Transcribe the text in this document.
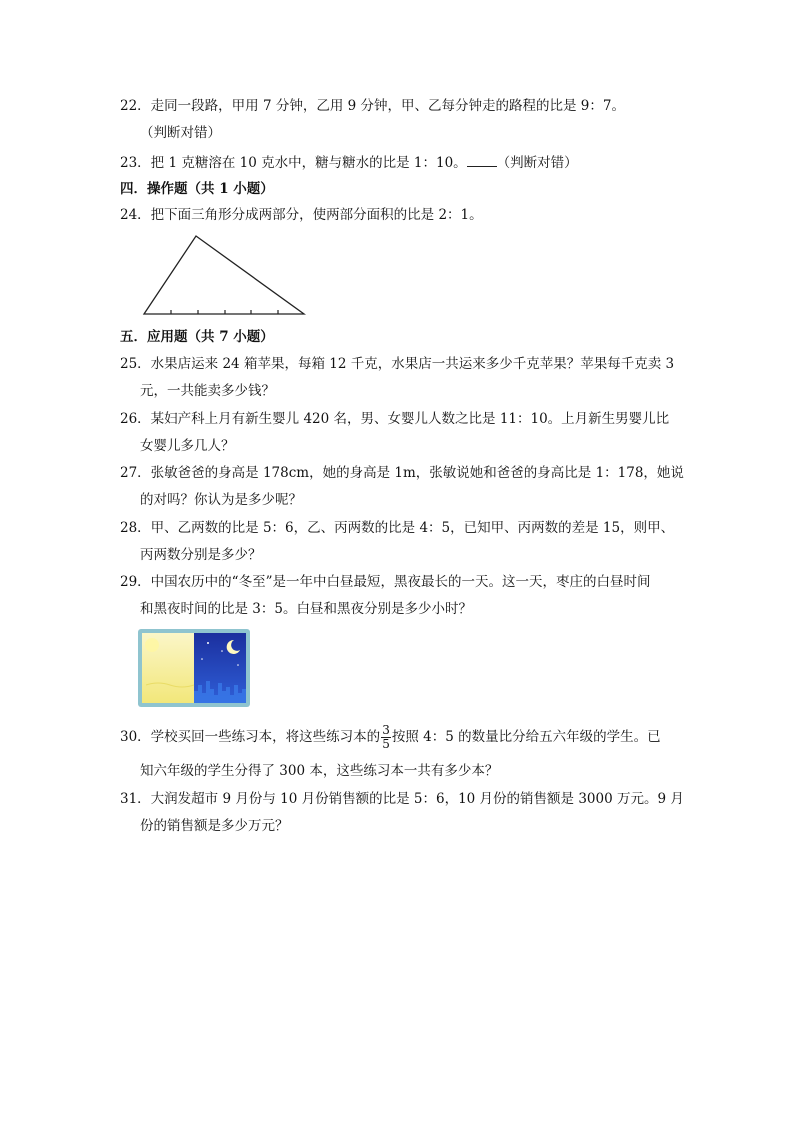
22．走同一段路，甲用 7 分钟，乙用 9 分钟，甲、乙每分钟走的路程的比是 9：7。
（判断对错）
23．把 1 克糖溶在 10 克水中，糖与糖水的比是 1：10。 （判断对错）
四．操作题（共 1 小题）
24．把下面三角形分成两部分，使两部分面积的比是 2：1。
五．应用题（共 7 小题）
25．水果店运来 24 箱苹果，每箱 12 千克，水果店一共运来多少千克苹果？苹果每千克卖 3
元，一共能卖多少钱？
26．某妇产科上月有新生婴儿 420 名，男、女婴儿人数之比是 11：10。上月新生男婴儿比
女婴儿多几人？
27．张敏爸爸的身高是 178cm，她的身高是 1m，张敏说她和爸爸的身高比是 1：178，她说
的对吗？你认为是多少呢？
28．甲、乙两数的比是 5：6，乙、丙两数的比是 4：5，已知甲、丙两数的差是 15，则甲、
丙两数分别是多少？
29．中国农历中的“冬至”是一年中白昼最短，黑夜最长的一天。这一天，枣庄的白昼时间
和黑夜时间的比是 3：5。白昼和黑夜分别是多少小时？
30．学校买回一些练习本，将这些练习本的 $\frac{3}{5}$ 按照 4：5 的数量比分给五六年级的学生。已
知六年级的学生分得了 300 本，这些练习本一共有多少本？
31．大润发超市 9 月份与 10 月份销售额的比是 5：6，10 月份的销售额是 3000 万元。9 月
份的销售额是多少万元？
